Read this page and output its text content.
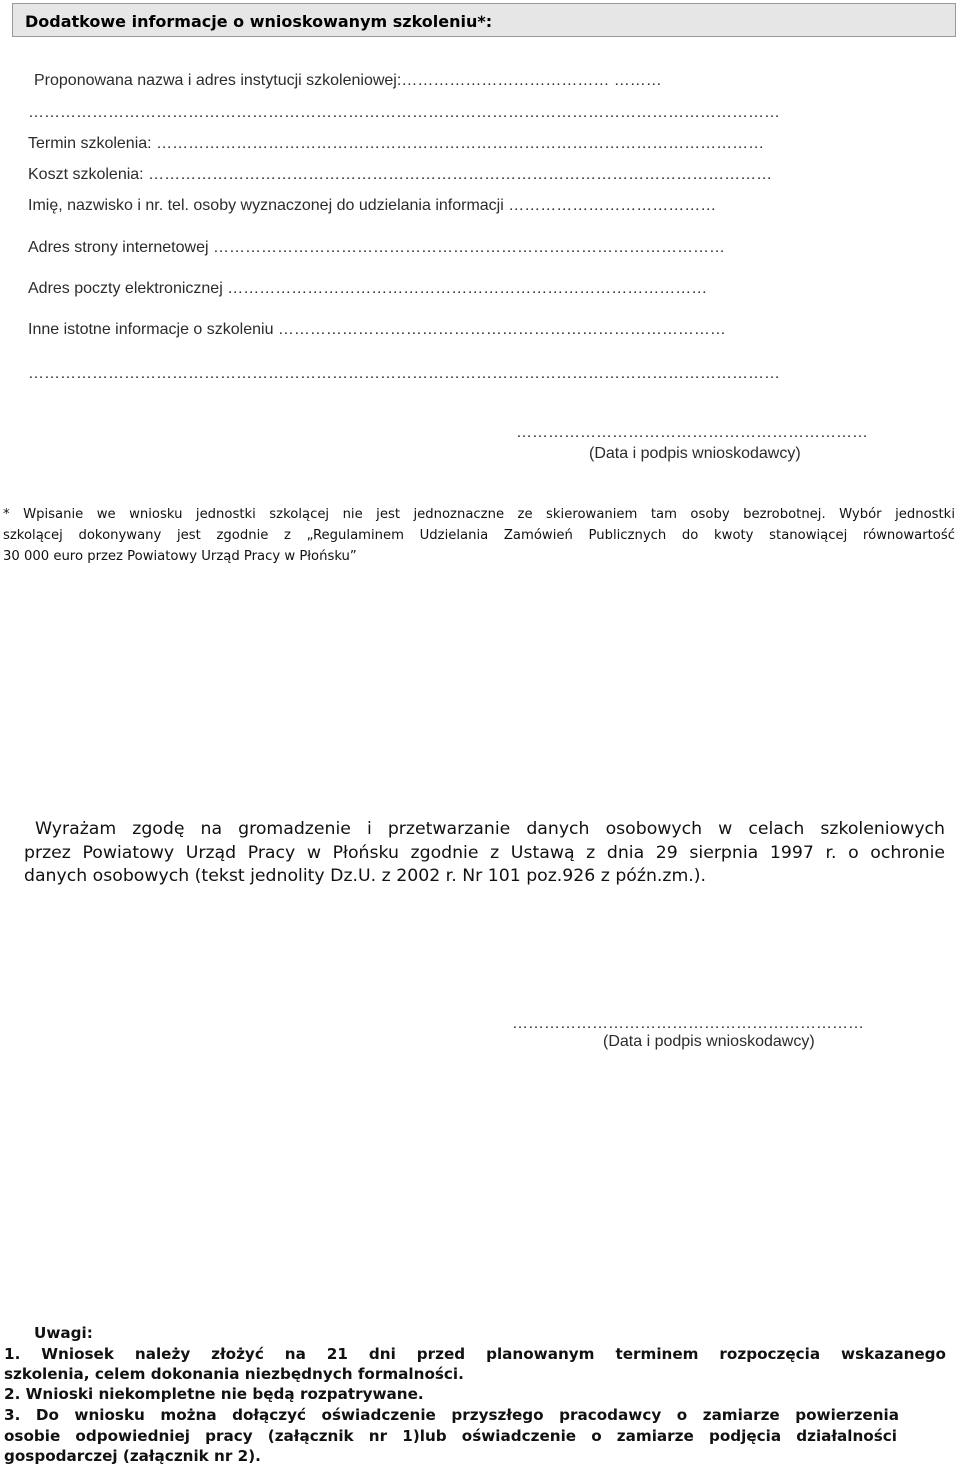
Dodatkowe informacje o wnioskowanym szkoleniu*:
Proponowana nazwa i adres instytucji szkoleniowej:………………………………… ………
……………………………………………………………………………………………………………………………
Termin szkolenia: ……………………………………………………………………………………………………
Koszt szkolenia: ………………………………………………………………………………………………………
Imię, nazwisko i nr. tel. osoby wyznaczonej do udzielania informacji …………………………………
Adres strony internetowej ……………………………………………………………………………………
Adres poczty elektronicznej ………………………………………………………………………………
Inne istotne informacje o szkoleniu …………………………………………………………………………
……………………………………………………………………………………………………………………………
…………………………………………………………
(Data i podpis wnioskodawcy)
* Wpisanie we wniosku jednostki szkolącej nie jest jednoznaczne ze skierowaniem tam osoby bezrobotnej. Wybór jednostki
szkolącej dokonywany jest zgodnie z „Regulaminem Udzielania Zamówień Publicznych do kwoty stanowiącej równowartość
30 000 euro przez Powiatowy Urząd Pracy w Płońsku”
Wyrażam zgodę na gromadzenie i przetwarzanie danych osobowych w celach szkoleniowych
przez Powiatowy Urząd Pracy w Płońsku zgodnie z Ustawą z dnia 29 sierpnia 1997 r. o ochronie
danych osobowych (tekst jednolity Dz.U. z 2002 r. Nr 101 poz.926 z późn.zm.).
…………………………………………………………
(Data i podpis wnioskodawcy)
Uwagi:
1. Wniosek należy złożyć na 21 dni przed planowanym terminem rozpoczęcia wskazanego
szkolenia, celem dokonania niezbędnych formalności.
2. Wnioski niekompletne nie będą rozpatrywane.
3. Do wniosku można dołączyć oświadczenie przyszłego pracodawcy o zamiarze powierzenia
osobie odpowiedniej pracy (załącznik nr 1)lub oświadczenie o zamiarze podjęcia działalności
gospodarczej (załącznik nr 2).
